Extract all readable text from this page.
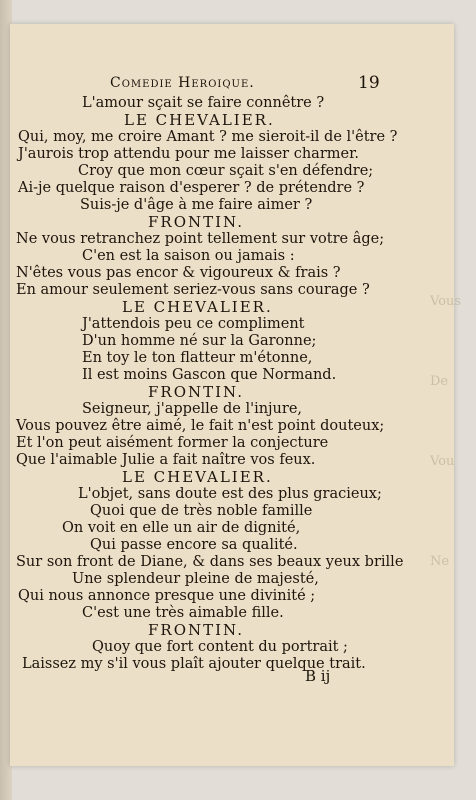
Vous
De
Vou
Ne
Comedie Heroique.	19
L'amour sçait se faire connêtre ?
LE CHEVALIER.
Qui, moy, me croire Amant ? me sieroit-il de l'être ?
J'aurois trop attendu pour me laisser charmer.
Croy que mon cœur sçait s'en défendre;
Ai-je quelque raison d'esperer ? de prétendre ?
Suis-je d'âge à me faire aimer ?
FRONTIN.
Ne vous retranchez point tellement sur votre âge;
C'en est la saison ou jamais :
N'êtes vous pas encor & vigoureux & frais ?
En amour seulement seriez-vous sans courage ?
LE CHEVALIER.
J'attendois peu ce compliment
D'un homme né sur la Garonne;
En toy le ton flatteur m'étonne,
Il est moins Gascon que Normand.
FRONTIN.
Seigneur, j'appelle de l'injure,
Vous pouvez être aimé, le fait n'est point douteux;
Et l'on peut aisément former la conjecture
Que l'aimable Julie a fait naître vos feux.
LE CHEVALIER.
L'objet, sans doute est des plus gracieux;
Quoi que de très noble famille
On voit en elle un air de dignité,
Qui passe encore sa qualité.
Sur son front de Diane, & dans ses beaux yeux brille
Une splendeur pleine de majesté,
Qui nous annonce presque une divinité ;
C'est une très aimable fille.
FRONTIN.
Quoy que fort content du portrait ;
Laissez my s'il vous plaît ajouter quelque trait.
B ij
